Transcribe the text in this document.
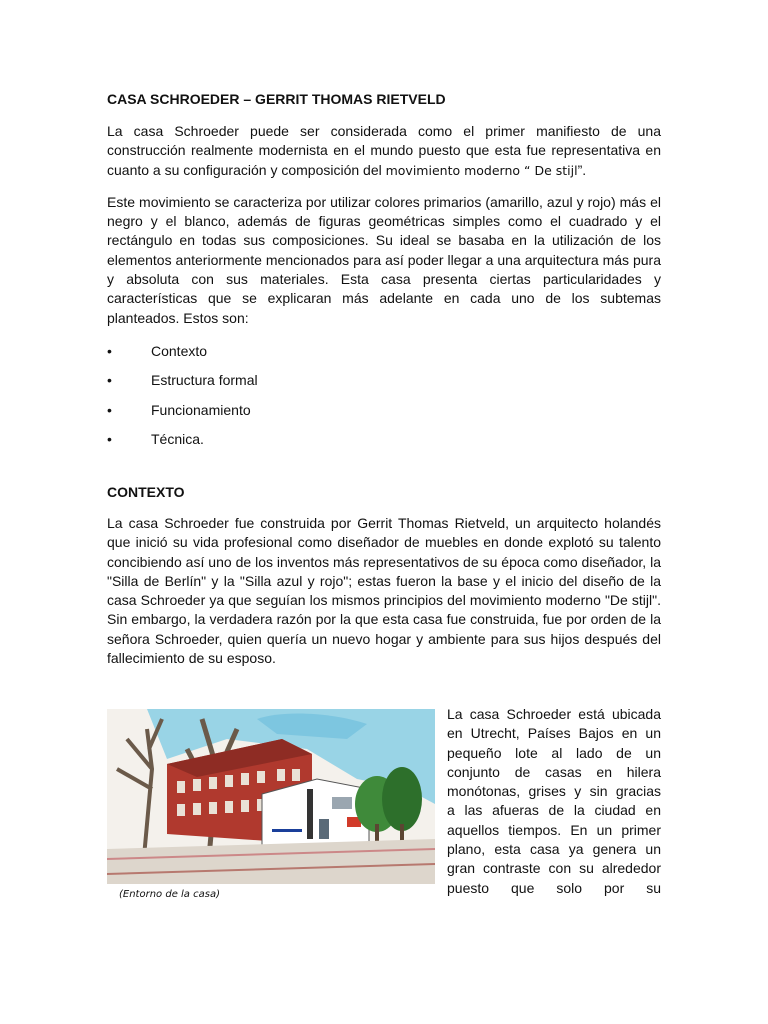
CASA SCHROEDER – GERRIT THOMAS RIETVELD

La casa Schroeder puede ser considerada como el primer manifiesto de una construcción realmente modernista en el mundo puesto que esta fue representativa en cuanto a su configuración y composición del movimiento moderno “ De stijl”.

Este movimiento se caracteriza por utilizar colores primarios (amarillo, azul y rojo) más el negro y el blanco, además de figuras geométricas simples como el cuadrado y el rectángulo en todas sus composiciones. Su ideal se basaba en la utilización de los elementos anteriormente mencionados para así poder llegar a una arquitectura más pura y absoluta con sus materiales. Esta casa presenta ciertas particularidades y características que se explicaran más adelante en cada uno de los subtemas planteados. Estos son:

•	Contexto
•	Estructura formal
•	Funcionamiento
•	Técnica.
CONTEXTO

La casa Schroeder fue construida por Gerrit Thomas Rietveld, un arquitecto holandés que inició su vida profesional como diseñador de muebles en donde explotó su talento concibiendo así uno de los inventos más representativos de su época como diseñador, la "Silla de Berlín" y la "Silla azul y rojo"; estas fueron la base y el inicio del diseño de la casa Schroeder ya que seguían los mismos principios del movimiento moderno "De stijl". Sin embargo, la verdadera razón por la que esta casa fue construida, fue por orden de la señora Schroeder, quien quería un nuevo hogar y ambiente para sus hijos después del fallecimiento de su esposo.

(Entorno de la casa)

La casa Schroeder está ubicada

en Utrecht, Países Bajos en un

pequeño lote al lado de un

conjunto de casas en hilera

monótonas, grises y sin gracias

a las afueras de la ciudad en

aquellos tiempos. En un primer

plano, esta casa ya genera un

gran contraste con su alrededor

puesto que solo por su
